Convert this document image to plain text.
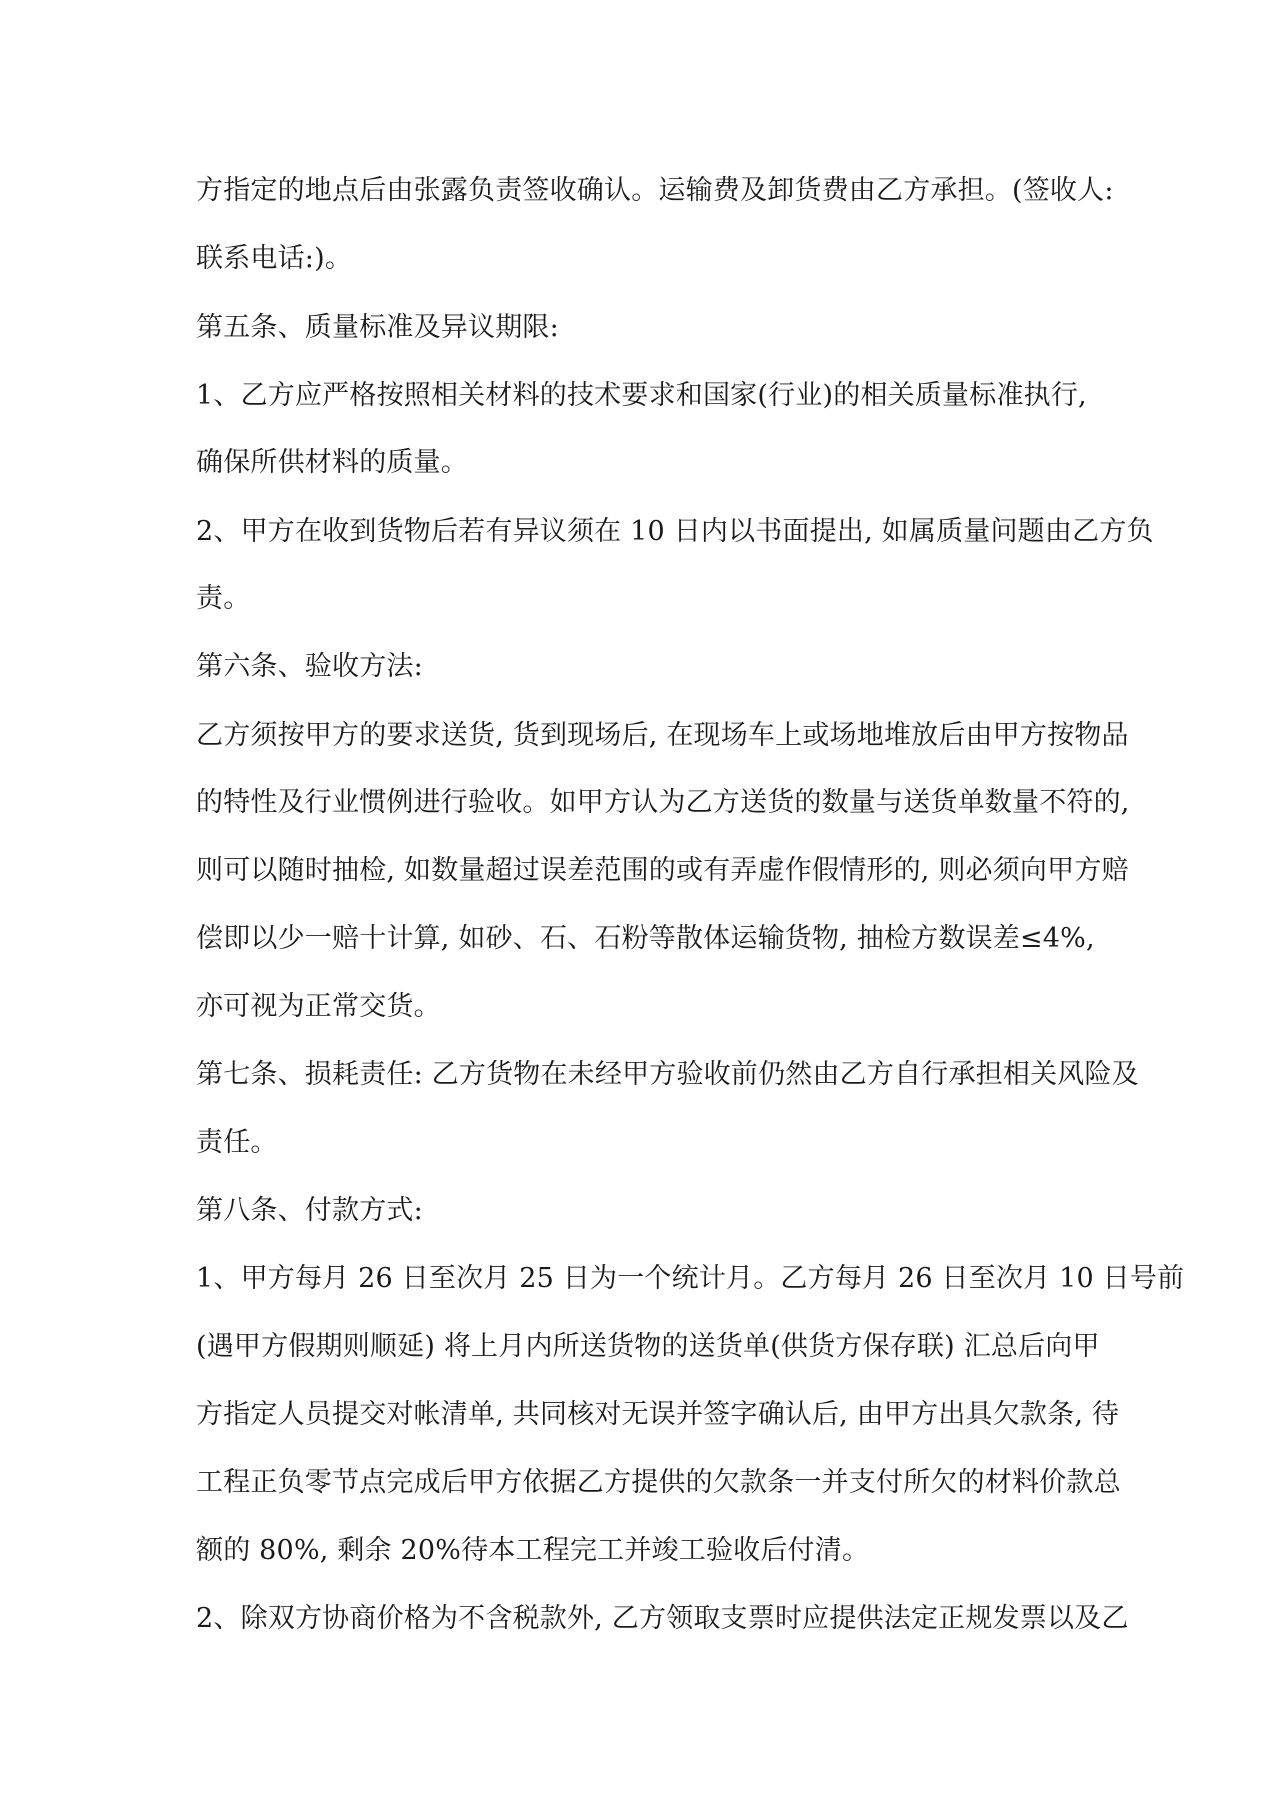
方指定的地点后由张露负责签收确认。运输费及卸货费由乙方承担。(签收人:
联系电话:)。
第五条、质量标准及异议期限:
1、乙方应严格按照相关材料的技术要求和国家(行业)的相关质量标准执行,
确保所供材料的质量。
2、甲方在收到货物后若有异议须在 10 日内以书面提出, 如属质量问题由乙方负
责。
第六条、验收方法:
乙方须按甲方的要求送货, 货到现场后, 在现场车上或场地堆放后由甲方按物品
的特性及行业惯例进行验收。如甲方认为乙方送货的数量与送货单数量不符的,
则可以随时抽检, 如数量超过误差范围的或有弄虚作假情形的, 则必须向甲方赔
偿即以少一赔十计算, 如砂、石、石粉等散体运输货物, 抽检方数误差≤4%,
亦可视为正常交货。
第七条、损耗责任: 乙方货物在未经甲方验收前仍然由乙方自行承担相关风险及
责任。
第八条、付款方式:
1、甲方每月 26 日至次月 25 日为一个统计月。乙方每月 26 日至次月 10 日号前
(遇甲方假期则顺延) 将上月内所送货物的送货单(供货方保存联) 汇总后向甲
方指定人员提交对帐清单, 共同核对无误并签字确认后, 由甲方出具欠款条, 待
工程正负零节点完成后甲方依据乙方提供的欠款条一并支付所欠的材料价款总
额的 80%, 剩余 20%待本工程完工并竣工验收后付清。
2、除双方协商价格为不含税款外, 乙方领取支票时应提供法定正规发票以及乙
